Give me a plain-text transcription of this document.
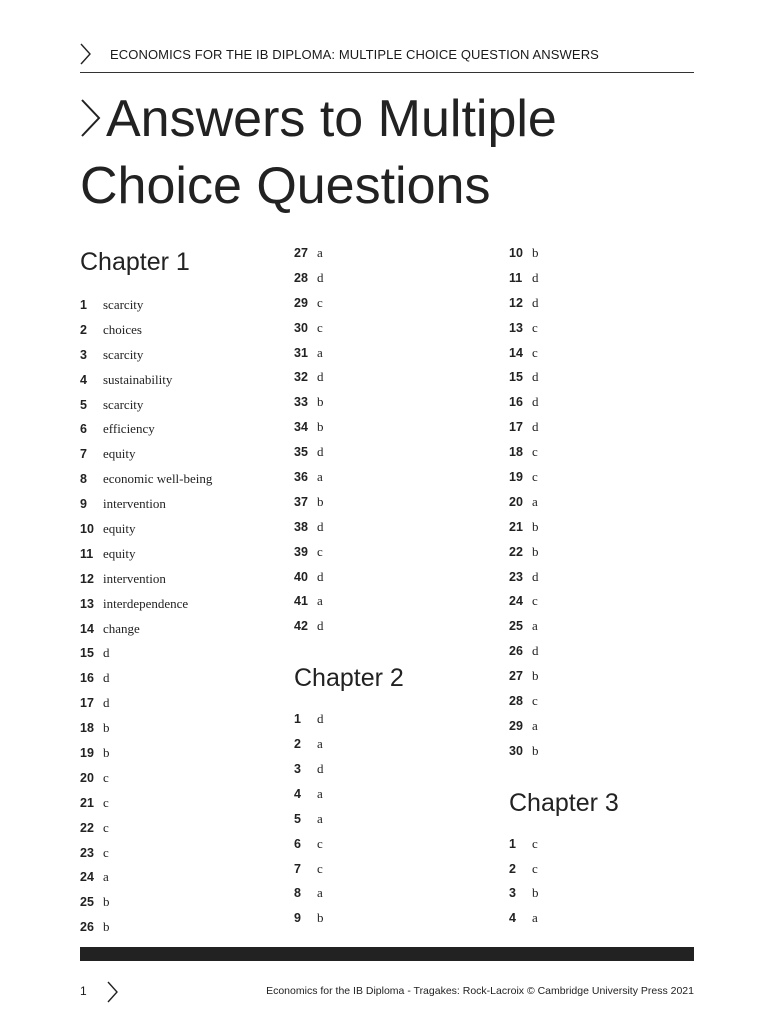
ECONOMICS FOR THE IB DIPLOMA: MULTIPLE CHOICE QUESTION ANSWERS
Answers to Multiple
Choice Questions
Chapter 1
1	scarcity
2	choices
3	scarcity
4	sustainability
5	scarcity
6	efficiency
7	equity
8	economic well-being
9	intervention
10 equity
11 equity
12 intervention
13 interdependence
14 change
15 d
16 d
17 d
18 b
19 b
20 c
21 c
22 c
23 c
24 a
25 b
26 b
27 a
28 d
29 c
30 c
31 a
32 d
33 b
34 b
35 d
36 a
37 b
38 d
39 c
40 d
41 a
42 d
Chapter 2
1	d
2	a
3	d
4	a
5	a
6	c
7	c
8	a
9	b
10 b
11 d
12 d
13 c
14 c
15 d
16 d
17 d
18 c
19 c
20 a
21 b
22 b
23 d
24 c
25 a
26 d
27 b
28 c
29 a
30 b
Chapter 3
1	c
2	c
3	b
4	a
1	Economics for the IB Diploma - Tragakes: Rock-Lacroix © Cambridge University Press 2021
